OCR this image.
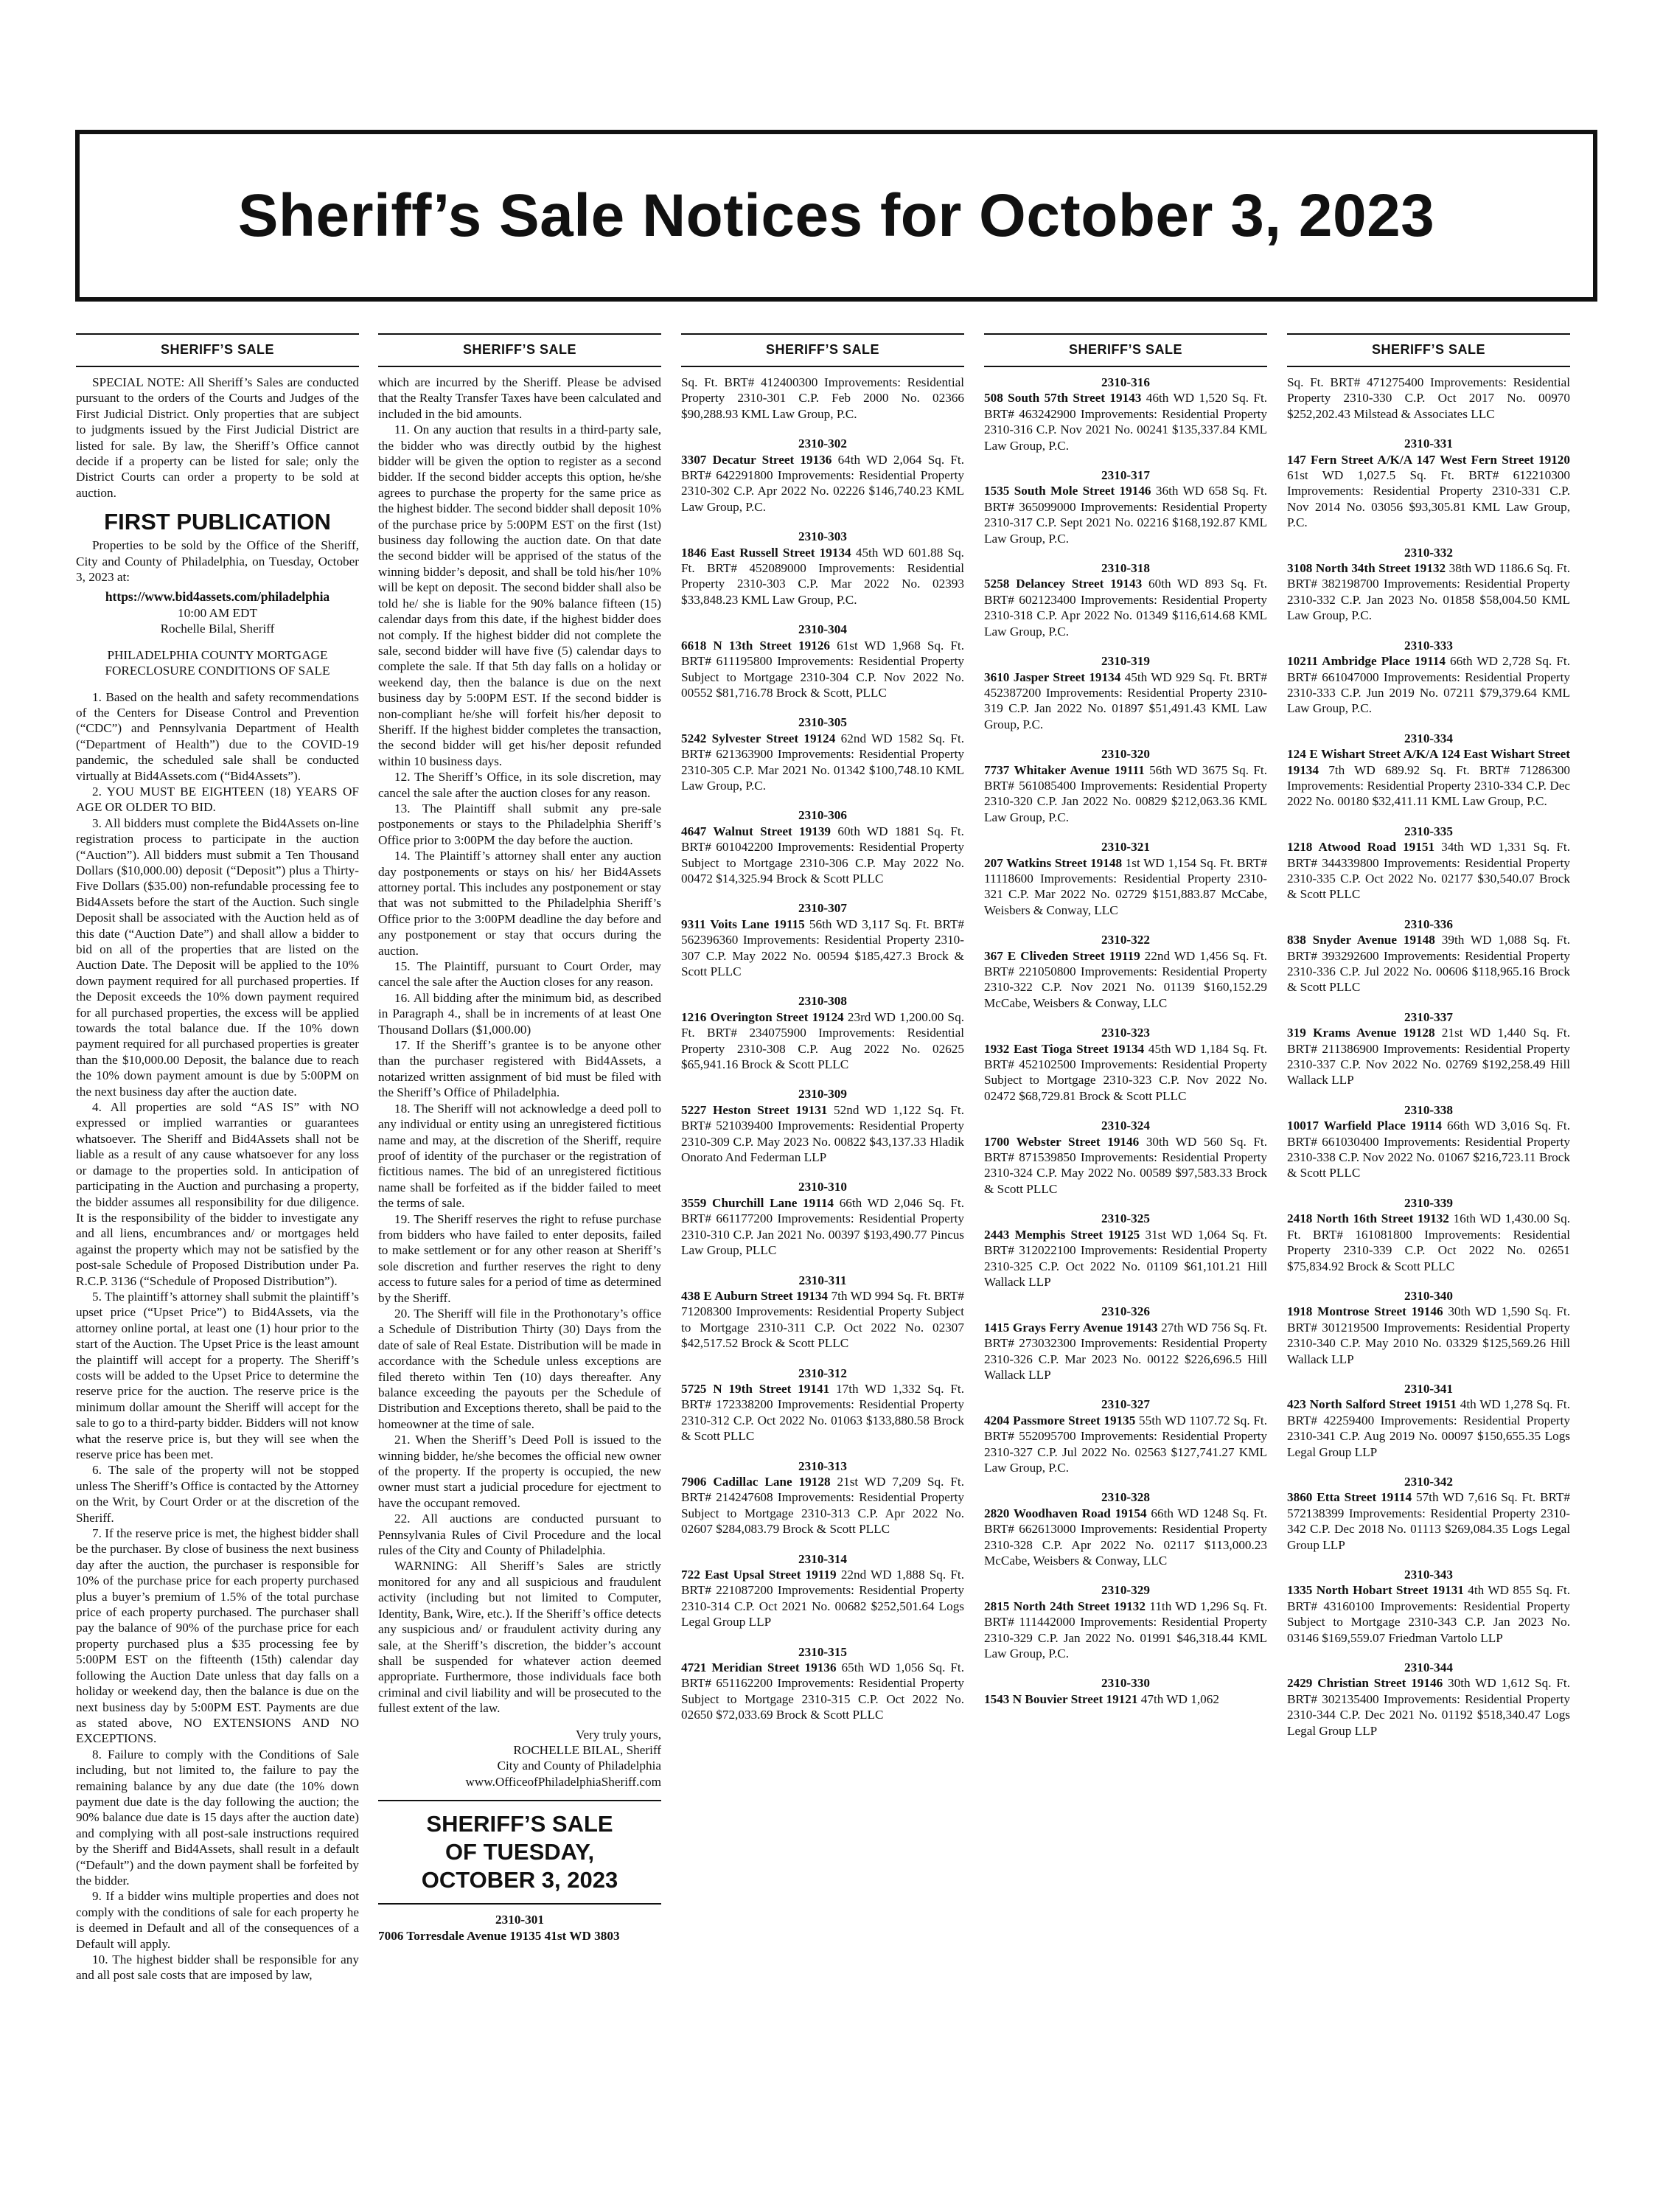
Sheriff’s Sale Notices for October 3, 2023
SHERIFF’S SALE

SPECIAL NOTE: All Sheriff’s Sales are conducted pursuant to the orders of the Courts and Judges of the First Judicial District. Only properties that are subject to judgments issued by the First Judicial District are listed for sale. By law, the Sheriff’s Office cannot decide if a property can be listed for sale; only the District Courts can order a property to be sold at auction.

FIRST PUBLICATION

Properties to be sold by the Office of the Sheriff, City and County of Philadelphia, on Tuesday, October 3, 2023 at:

https://www.bid4assets.com/philadelphia
10:00 AM EDT
Rochelle Bilal, Sheriff
PHILADELPHIA COUNTY MORTGAGE
FORECLOSURE CONDITIONS OF SALE

1. Based on the health and safety recommendations of the Centers for Disease Control and Prevention (“CDC”) and Pennsylvania Department of Health (“Department of Health”) due to the COVID-19 pandemic, the scheduled sale shall be conducted virtually at Bid4Assets.com (“Bid4Assets”).

2. YOU MUST BE EIGHTEEN (18) YEARS OF AGE OR OLDER TO BID.

3. All bidders must complete the Bid4Assets on-line registration process to participate in the auction (“Auction”). All bidders must submit a Ten Thousand Dollars ($10,000.00) deposit (“Deposit”) plus a Thirty-Five Dollars ($35.00) non-refundable processing fee to Bid4Assets before the start of the Auction. Such single Deposit shall be associated with the Auction held as of this date (“Auction Date”) and shall allow a bidder to bid on all of the properties that are listed on the Auction Date. The Deposit will be applied to the 10% down payment required for all purchased properties. If the Deposit exceeds the 10% down payment required for all purchased properties, the excess will be applied towards the total balance due. If the 10% down payment required for all purchased properties is greater than the $10,000.00 Deposit, the balance due to reach the 10% down payment amount is due by 5:00PM on the next business day after the auction date.

4. All properties are sold “AS IS” with NO expressed or implied warranties or guarantees whatsoever. The Sheriff and Bid4Assets shall not be liable as a result of any cause whatsoever for any loss or damage to the properties sold. In anticipation of participating in the Auction and purchasing a property, the bidder assumes all responsibility for due diligence. It is the responsibility of the bidder to investigate any and all liens, encumbrances and/ or mortgages held against the property which may not be satisfied by the post-sale Schedule of Proposed Distribution under Pa. R.C.P. 3136 (“Schedule of Proposed Distribution”).

5. The plaintiff’s attorney shall submit the plaintiff’s upset price (“Upset Price”) to Bid4Assets, via the attorney online portal, at least one (1) hour prior to the start of the Auction. The Upset Price is the least amount the plaintiff will accept for a property. The Sheriff’s costs will be added to the Upset Price to determine the reserve price for the auction. The reserve price is the minimum dollar amount the Sheriff will accept for the sale to go to a third-party bidder. Bidders will not know what the reserve price is, but they will see when the reserve price has been met.

6. The sale of the property will not be stopped unless The Sheriff’s Office is contacted by the Attorney on the Writ, by Court Order or at the discretion of the Sheriff.

7. If the reserve price is met, the highest bidder shall be the purchaser. By close of business the next business day after the auction, the purchaser is responsible for 10% of the purchase price for each property purchased plus a buyer’s premium of 1.5% of the total purchase price of each property purchased. The purchaser shall pay the balance of 90% of the purchase price for each property purchased plus a $35 processing fee by 5:00PM EST on the fifteenth (15th) calendar day following the Auction Date unless that day falls on a holiday or weekend day, then the balance is due on the next business day by 5:00PM EST. Payments are due as stated above, NO EXTENSIONS AND NO EXCEPTIONS.

8. Failure to comply with the Conditions of Sale including, but not limited to, the failure to pay the remaining balance by any due date (the 10% down payment due date is the day following the auction; the 90% balance due date is 15 days after the auction date) and complying with all post-sale instructions required by the Sheriff and Bid4Assets, shall result in a default (“Default”) and the down payment shall be forfeited by the bidder.

9. If a bidder wins multiple properties and does not comply with the conditions of sale for each property he is deemed in Default and all of the consequences of a Default will apply.

10. The highest bidder shall be responsible for any and all post sale costs that are imposed by law,

SHERIFF’S SALE

which are incurred by the Sheriff. Please be advised that the Realty Transfer Taxes have been calculated and included in the bid amounts.

11. On any auction that results in a third-party sale, the bidder who was directly outbid by the highest bidder will be given the option to register as a second bidder. If the second bidder accepts this option, he/she agrees to purchase the property for the same price as the highest bidder. The second bidder shall deposit 10% of the purchase price by 5:00PM EST on the first (1st) business day following the auction date. On that date the second bidder will be apprised of the status of the winning bidder’s deposit, and shall be told his/her 10% will be kept on deposit. The second bidder shall also be told he/ she is liable for the 90% balance fifteen (15) calendar days from this date, if the highest bidder does not comply. If the highest bidder did not complete the sale, second bidder will have five (5) calendar days to complete the sale. If that 5th day falls on a holiday or weekend day, then the balance is due on the next business day by 5:00PM EST. If the second bidder is non-compliant he/she will forfeit his/her deposit to Sheriff. If the highest bidder completes the transaction, the second bidder will get his/her deposit refunded within 10 business days.

12. The Sheriff’s Office, in its sole discretion, may cancel the sale after the auction closes for any reason.

13. The Plaintiff shall submit any pre-sale postponements or stays to the Philadelphia Sheriff’s Office prior to 3:00PM the day before the auction.

14. The Plaintiff’s attorney shall enter any auction day postponements or stays on his/ her Bid4Assets attorney portal. This includes any postponement or stay that was not submitted to the Philadelphia Sheriff’s Office prior to the 3:00PM deadline the day before and any postponement or stay that occurs during the auction.

15. The Plaintiff, pursuant to Court Order, may cancel the sale after the Auction closes for any reason.

16. All bidding after the minimum bid, as described in Paragraph 4., shall be in increments of at least One Thousand Dollars ($1,000.00)

17. If the Sheriff’s grantee is to be anyone other than the purchaser registered with Bid4Assets, a notarized written assignment of bid must be filed with the Sheriff’s Office of Philadelphia.

18. The Sheriff will not acknowledge a deed poll to any individual or entity using an unregistered fictitious name and may, at the discretion of the Sheriff, require proof of identity of the purchaser or the registration of fictitious names. The bid of an unregistered fictitious name shall be forfeited as if the bidder failed to meet the terms of sale.

19. The Sheriff reserves the right to refuse purchase from bidders who have failed to enter deposits, failed to make settlement or for any other reason at Sheriff’s sole discretion and further reserves the right to deny access to future sales for a period of time as determined by the Sheriff.

20. The Sheriff will file in the Prothonotary’s office a Schedule of Distribution Thirty (30) Days from the date of sale of Real Estate. Distribution will be made in accordance with the Schedule unless exceptions are filed thereto within Ten (10) days thereafter. Any balance exceeding the payouts per the Schedule of Distribution and Exceptions thereto, shall be paid to the homeowner at the time of sale.

21. When the Sheriff’s Deed Poll is issued to the winning bidder, he/she becomes the official new owner of the property. If the property is occupied, the new owner must start a judicial procedure for ejectment to have the occupant removed.

22. All auctions are conducted pursuant to Pennsylvania Rules of Civil Procedure and the local rules of the City and County of Philadelphia.

WARNING: All Sheriff’s Sales are strictly monitored for any and all suspicious and fraudulent activity (including but not limited to Computer, Identity, Bank, Wire, etc.). If the Sheriff’s office detects any suspicious and/ or fraudulent activity during any sale, at the Sheriff’s discretion, the bidder’s account shall be suspended for whatever action deemed appropriate. Furthermore, those individuals face both criminal and civil liability and will be prosecuted to the fullest extent of the law.

Very truly yours,
ROCHELLE BILAL, Sheriff
City and County of Philadelphia
www.OfficeofPhiladelphiaSheriff.com
SHERIFF’S SALE
OF TUESDAY,
OCTOBER 3, 2023
2310-301
7006 Torresdale Avenue 19135 41st WD 3803
SHERIFF’S SALE

Sq. Ft. BRT# 412400300 Improvements: Residential Property 2310-301 C.P. Feb 2000 No. 02366 $90,288.93 KML Law Group, P.C.

2310-302

3307 Decatur Street 19136 64th WD 2,064 Sq. Ft. BRT# 642291800 Improvements: Residential Property 2310-302 C.P. Apr 2022 No. 02226 $146,740.23 KML Law Group, P.C.

2310-303

1846 East Russell Street 19134 45th WD 601.88 Sq. Ft. BRT# 452089000 Improvements: Residential Property 2310-303 C.P. Mar 2022 No. 02393 $33,848.23 KML Law Group, P.C.

2310-304

6618 N 13th Street 19126 61st WD 1,968 Sq. Ft. BRT# 611195800 Improvements: Residential Property Subject to Mortgage 2310-304 C.P. Nov 2022 No. 00552 $81,716.78 Brock & Scott, PLLC

2310-305

5242 Sylvester Street 19124 62nd WD 1582 Sq. Ft. BRT# 621363900 Improvements: Residential Property 2310-305 C.P. Mar 2021 No. 01342 $100,748.10 KML Law Group, P.C.

2310-306

4647 Walnut Street 19139 60th WD 1881 Sq. Ft. BRT# 601042200 Improvements: Residential Property Subject to Mortgage 2310-306 C.P. May 2022 No. 00472 $14,325.94 Brock & Scott PLLC

2310-307

9311 Voits Lane 19115 56th WD 3,117 Sq. Ft. BRT# 562396360 Improvements: Residential Property 2310-307 C.P. May 2022 No. 00594 $185,427.3 Brock & Scott PLLC

2310-308

1216 Overington Street 19124 23rd WD 1,200.00 Sq. Ft. BRT# 234075900 Improvements: Residential Property 2310-308 C.P. Aug 2022 No. 02625 $65,941.16 Brock & Scott PLLC

2310-309

5227 Heston Street 19131 52nd WD 1,122 Sq. Ft. BRT# 521039400 Improvements: Residential Property 2310-309 C.P. May 2023 No. 00822 $43,137.33 Hladik Onorato And Federman LLP

2310-310

3559 Churchill Lane 19114 66th WD 2,046 Sq. Ft. BRT# 661177200 Improvements: Residential Property 2310-310 C.P. Jan 2021 No. 00397 $193,490.77 Pincus Law Group, PLLC

2310-311

438 E Auburn Street 19134 7th WD 994 Sq. Ft. BRT# 71208300 Improvements: Residential Property Subject to Mortgage 2310-311 C.P. Oct 2022 No. 02307 $42,517.52 Brock & Scott PLLC

2310-312

5725 N 19th Street 19141 17th WD 1,332 Sq. Ft. BRT# 172338200 Improvements: Residential Property 2310-312 C.P. Oct 2022 No. 01063 $133,880.58 Brock & Scott PLLC

2310-313

7906 Cadillac Lane 19128 21st WD 7,209 Sq. Ft. BRT# 214247608 Improvements: Residential Property Subject to Mortgage 2310-313 C.P. Apr 2022 No. 02607 $284,083.79 Brock & Scott PLLC

2310-314

722 East Upsal Street 19119 22nd WD 1,888 Sq. Ft. BRT# 221087200 Improvements: Residential Property 2310-314 C.P. Oct 2021 No. 00682 $252,501.64 Logs Legal Group LLP

2310-315

4721 Meridian Street 19136 65th WD 1,056 Sq. Ft. BRT# 651162200 Improvements: Residential Property Subject to Mortgage 2310-315 C.P. Oct 2022 No. 02650 $72,033.69 Brock & Scott PLLC

SHERIFF’S SALE
2310-316

508 South 57th Street 19143 46th WD 1,520 Sq. Ft. BRT# 463242900 Improvements: Residential Property 2310-316 C.P. Nov 2021 No. 00241 $135,337.84 KML Law Group, P.C.

2310-317

1535 South Mole Street 19146 36th WD 658 Sq. Ft. BRT# 365099000 Improvements: Residential Property 2310-317 C.P. Sept 2021 No. 02216 $168,192.87 KML Law Group, P.C.

2310-318

5258 Delancey Street 19143 60th WD 893 Sq. Ft. BRT# 602123400 Improvements: Residential Property 2310-318 C.P. Apr 2022 No. 01349 $116,614.68 KML Law Group, P.C.

2310-319

3610 Jasper Street 19134 45th WD 929 Sq. Ft. BRT# 452387200 Improvements: Residential Property 2310-319 C.P. Jan 2022 No. 01897 $51,491.43 KML Law Group, P.C.

2310-320

7737 Whitaker Avenue 19111 56th WD 3675 Sq. Ft. BRT# 561085400 Improvements: Residential Property 2310-320 C.P. Jan 2022 No. 00829 $212,063.36 KML Law Group, P.C.

2310-321

207 Watkins Street 19148 1st WD 1,154 Sq. Ft. BRT# 11118600 Improvements: Residential Property 2310-321 C.P. Mar 2022 No. 02729 $151,883.87 McCabe, Weisbers & Conway, LLC

2310-322

367 E Cliveden Street 19119 22nd WD 1,456 Sq. Ft. BRT# 221050800 Improvements: Residential Property 2310-322 C.P. Nov 2021 No. 01139 $160,152.29 McCabe, Weisbers & Conway, LLC

2310-323

1932 East Tioga Street 19134 45th WD 1,184 Sq. Ft. BRT# 452102500 Improvements: Residential Property Subject to Mortgage 2310-323 C.P. Nov 2022 No. 02472 $68,729.81 Brock & Scott PLLC

2310-324

1700 Webster Street 19146 30th WD 560 Sq. Ft. BRT# 871539850 Improvements: Residential Property 2310-324 C.P. May 2022 No. 00589 $97,583.33 Brock & Scott PLLC

2310-325

2443 Memphis Street 19125 31st WD 1,064 Sq. Ft. BRT# 312022100 Improvements: Residential Property 2310-325 C.P. Oct 2022 No. 01109 $61,101.21 Hill Wallack LLP

2310-326

1415 Grays Ferry Avenue 19143 27th WD 756 Sq. Ft. BRT# 273032300 Improvements: Residential Property 2310-326 C.P. Mar 2023 No. 00122 $226,696.5 Hill Wallack LLP

2310-327

4204 Passmore Street 19135 55th WD 1107.72 Sq. Ft. BRT# 552095700 Improvements: Residential Property 2310-327 C.P. Jul 2022 No. 02563 $127,741.27 KML Law Group, P.C.

2310-328

2820 Woodhaven Road 19154 66th WD 1248 Sq. Ft. BRT# 662613000 Improvements: Residential Property 2310-328 C.P. Apr 2022 No. 02117 $113,000.23 McCabe, Weisbers & Conway, LLC

2310-329

2815 North 24th Street 19132 11th WD 1,296 Sq. Ft. BRT# 111442000 Improvements: Residential Property 2310-329 C.P. Jan 2022 No. 01991 $46,318.44 KML Law Group, P.C.

2310-330

1543 N Bouvier Street 19121 47th WD 1,062

SHERIFF’S SALE

Sq. Ft. BRT# 471275400 Improvements: Residential Property 2310-330 C.P. Oct 2017 No. 00970 $252,202.43 Milstead & Associates LLC

2310-331

147 Fern Street A/K/A 147 West Fern Street 19120 61st WD 1,027.5 Sq. Ft. BRT# 612210300 Improvements: Residential Property 2310-331 C.P. Nov 2014 No. 03056 $93,305.81 KML Law Group, P.C.

2310-332

3108 North 34th Street 19132 38th WD 1186.6 Sq. Ft. BRT# 382198700 Improvements: Residential Property 2310-332 C.P. Jan 2023 No. 01858 $58,004.50 KML Law Group, P.C.

2310-333

10211 Ambridge Place 19114 66th WD 2,728 Sq. Ft. BRT# 661047000 Improvements: Residential Property 2310-333 C.P. Jun 2019 No. 07211 $79,379.64 KML Law Group, P.C.

2310-334

124 E Wishart Street A/K/A 124 East Wishart Street 19134 7th WD 689.92 Sq. Ft. BRT# 71286300 Improvements: Residential Property 2310-334 C.P. Dec 2022 No. 00180 $32,411.11 KML Law Group, P.C.

2310-335

1218 Atwood Road 19151 34th WD 1,331 Sq. Ft. BRT# 344339800 Improvements: Residential Property 2310-335 C.P. Oct 2022 No. 02177 $30,540.07 Brock & Scott PLLC

2310-336

838 Snyder Avenue 19148 39th WD 1,088 Sq. Ft. BRT# 393292600 Improvements: Residential Property 2310-336 C.P. Jul 2022 No. 00606 $118,965.16 Brock & Scott PLLC

2310-337

319 Krams Avenue 19128 21st WD 1,440 Sq. Ft. BRT# 211386900 Improvements: Residential Property 2310-337 C.P. Nov 2022 No. 02769 $192,258.49 Hill Wallack LLP

2310-338

10017 Warfield Place 19114 66th WD 3,016 Sq. Ft. BRT# 661030400 Improvements: Residential Property 2310-338 C.P. Nov 2022 No. 01067 $216,723.11 Brock & Scott PLLC

2310-339

2418 North 16th Street 19132 16th WD 1,430.00 Sq. Ft. BRT# 161081800 Improvements: Residential Property 2310-339 C.P. Oct 2022 No. 02651 $75,834.92 Brock & Scott PLLC

2310-340

1918 Montrose Street 19146 30th WD 1,590 Sq. Ft. BRT# 301219500 Improvements: Residential Property 2310-340 C.P. May 2010 No. 03329 $125,569.26 Hill Wallack LLP

2310-341

423 North Salford Street 19151 4th WD 1,278 Sq. Ft. BRT# 42259400 Improvements: Residential Property 2310-341 C.P. Aug 2019 No. 00097 $150,655.35 Logs Legal Group LLP

2310-342

3860 Etta Street 19114 57th WD 7,616 Sq. Ft. BRT# 572138399 Improvements: Residential Property 2310-342 C.P. Dec 2018 No. 01113 $269,084.35 Logs Legal Group LLP

2310-343

1335 North Hobart Street 19131 4th WD 855 Sq. Ft. BRT# 43160100 Improvements: Residential Property Subject to Mortgage 2310-343 C.P. Jan 2023 No. 03146 $169,559.07 Friedman Vartolo LLP

2310-344

2429 Christian Street 19146 30th WD 1,612 Sq. Ft. BRT# 302135400 Improvements: Residential Property 2310-344 C.P. Dec 2021 No. 01192 $518,340.47 Logs Legal Group LLP
